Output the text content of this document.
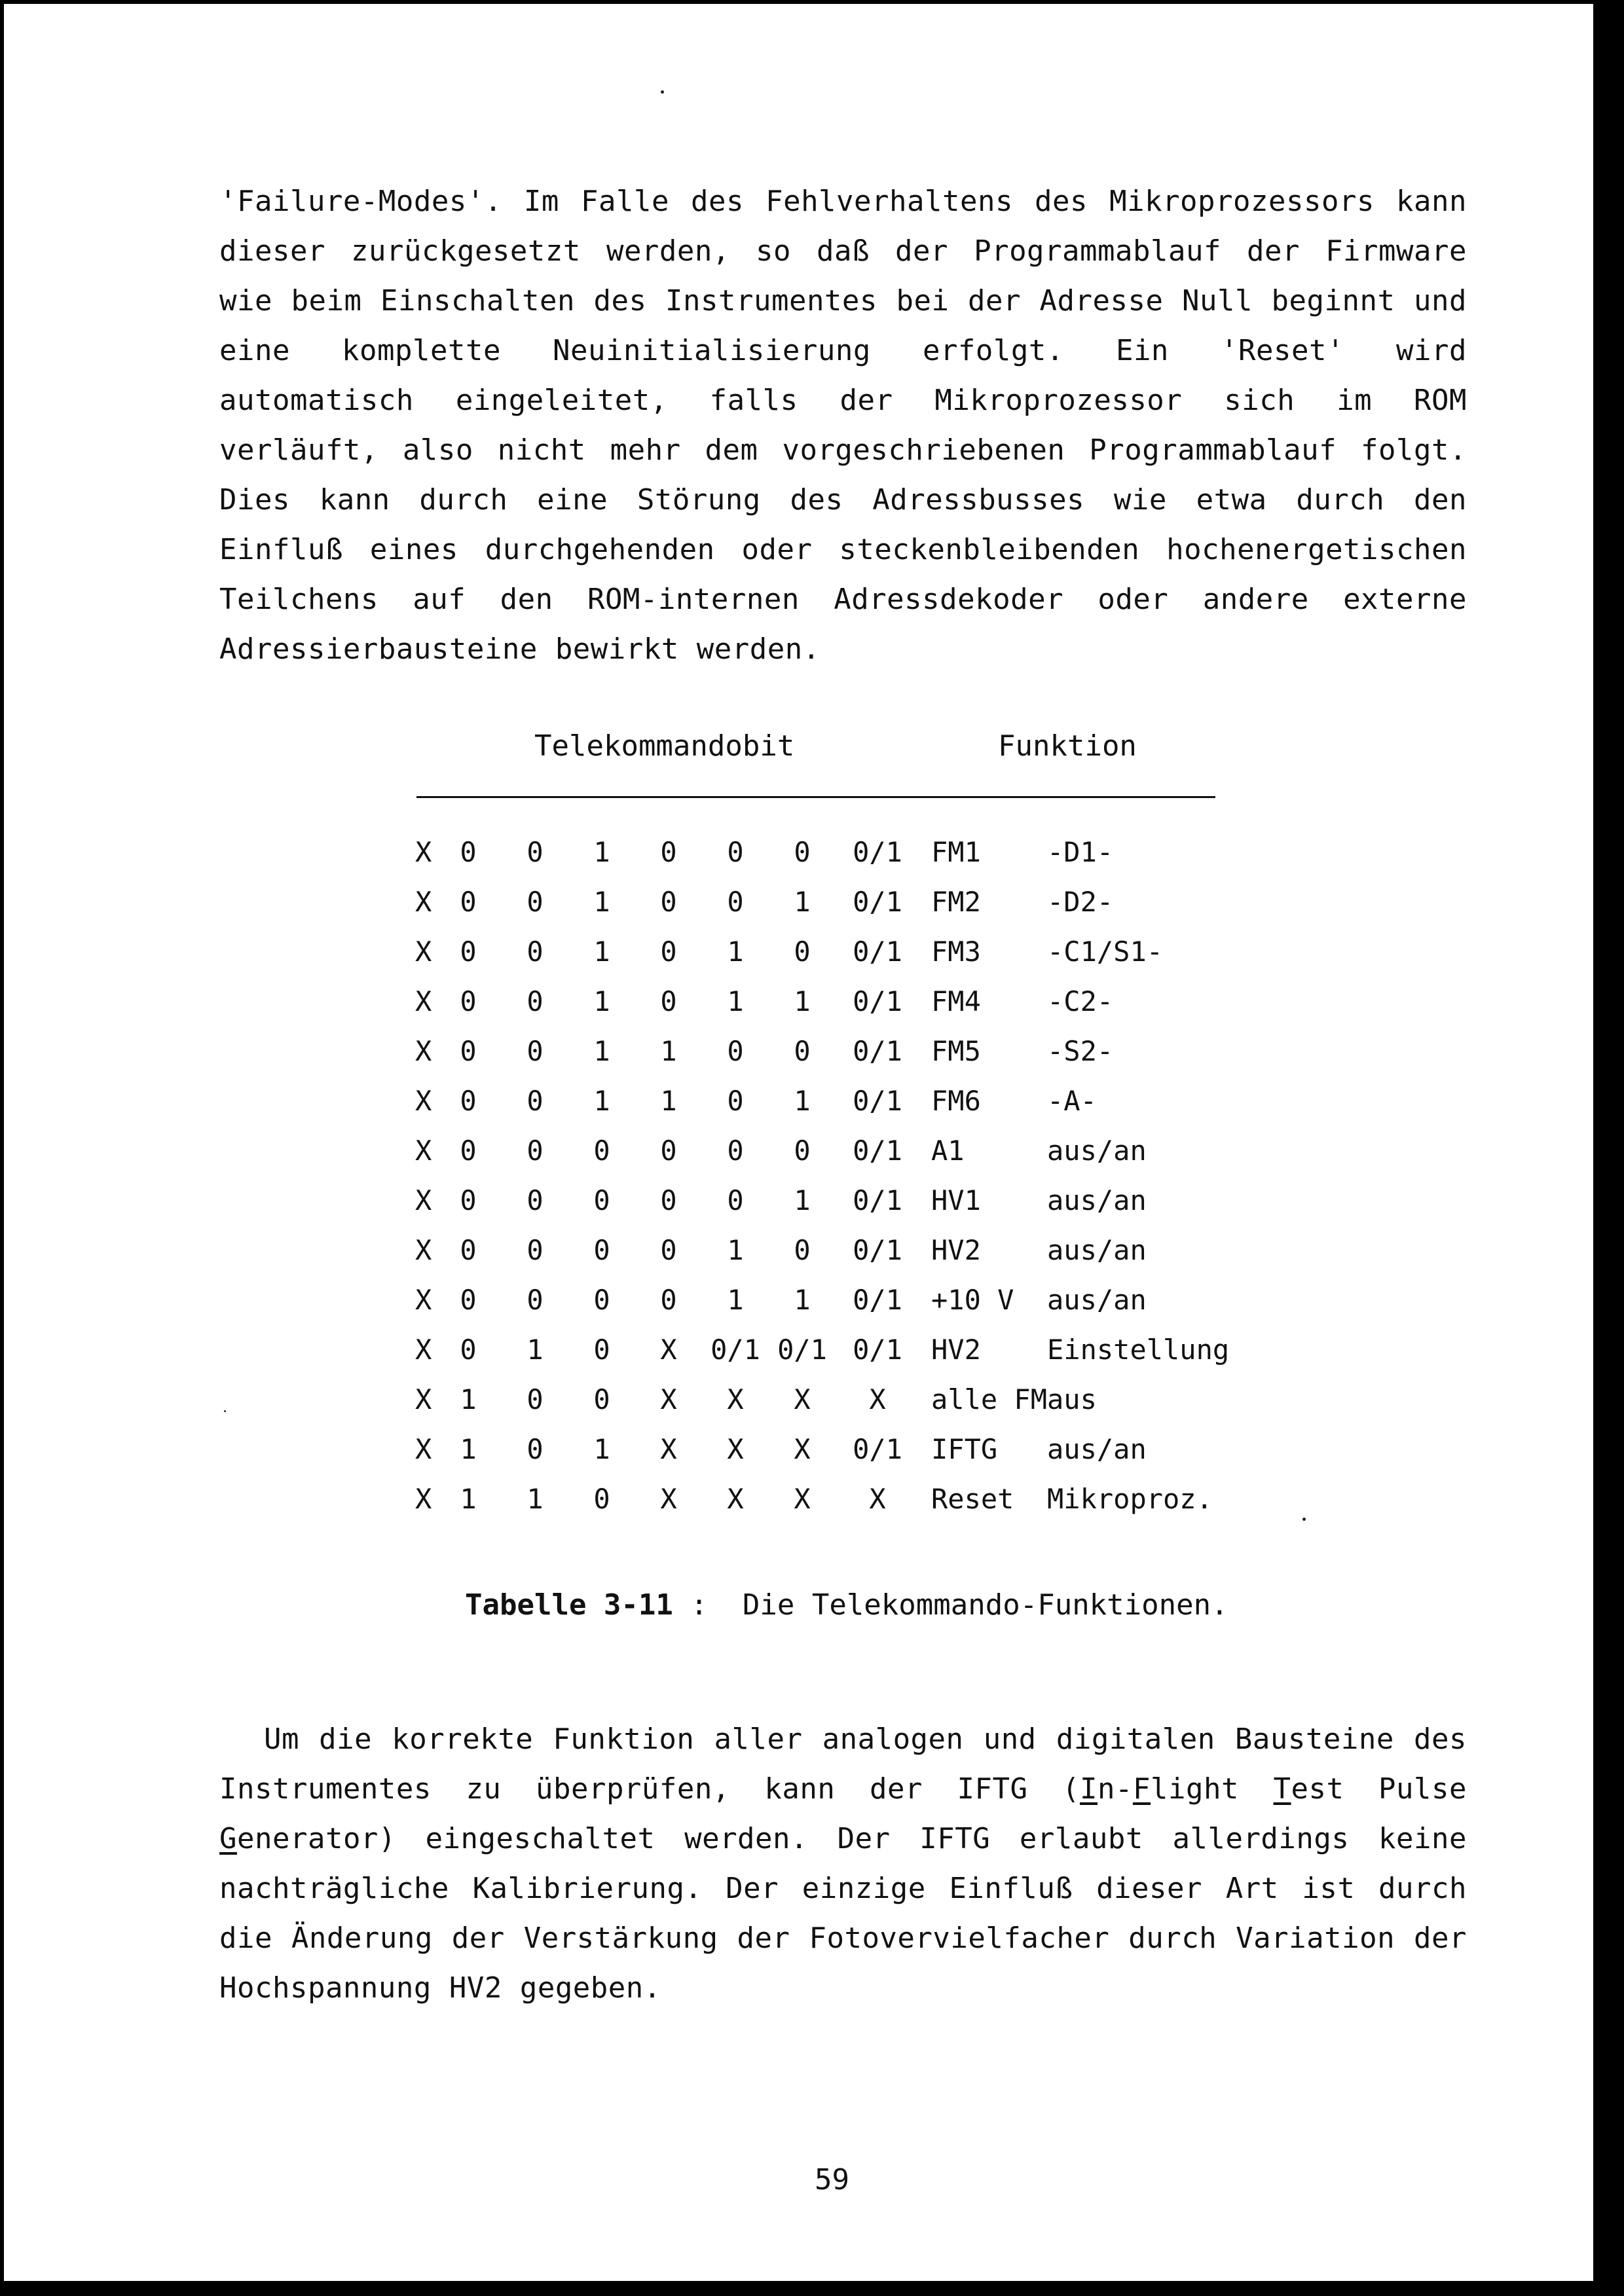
'Failure-Modes'. Im Falle des Fehlverhaltens des Mikroprozessors kann dieser zurückgesetzt werden, so daß der Programmablauf der Firmware wie beim Einschalten des Instrumentes bei der Adresse Null beginnt und eine komplette Neuinitialisierung erfolgt. Ein 'Reset' wird automatisch eingeleitet, falls der Mikroprozessor sich im ROM verläuft, also nicht mehr dem vorgeschriebenen Programmablauf folgt. Dies kann durch eine Störung des Adressbusses wie etwa durch den Einfluß eines durchgehenden oder steckenbleibenden hochenergetischen Teilchens auf den ROM-internen Adressdekoder oder andere externe Adressierbausteine bewirkt werden.

Telekommandobit	Funktion
X	0	0	1	0	0	0	0/1	FM1	-D1-
X	0	0	1	0	0	1	0/1	FM2	-D2-
X	0	0	1	0	1	0	0/1	FM3	-C1/S1-
X	0	0	1	0	1	1	0/1	FM4	-C2-
X	0	0	1	1	0	0	0/1	FM5	-S2-
X	0	0	1	1	0	1	0/1	FM6	-A-
X	0	0	0	0	0	0	0/1	A1	aus/an
X	0	0	0	0	0	1	0/1	HV1	aus/an
X	0	0	0	0	1	0	0/1	HV2	aus/an
X	0	0	0	0	1	1	0/1	+10 V	aus/an
X	0	1	0	X	0/1	0/1	0/1	HV2	Einstellung
X	1	0	0	X	X	X	X	alle FM	aus
X	1	0	1	X	X	X	0/1	IFTG	aus/an
X	1	1	0	X	X	X	X	Reset	Mikroproz.
Tabelle 3-11 : Die Telekommando-Funktionen.

Um die korrekte Funktion aller analogen und digitalen Bausteine des Instrumentes zu überprüfen, kann der IFTG (In-Flight Test Pulse Generator) eingeschaltet werden. Der IFTG erlaubt allerdings keine nachträgliche Kalibrierung. Der einzige Einfluß dieser Art ist durch die Änderung der Verstärkung der Fotovervielfacher durch Variation der Hochspannung HV2 gegeben.

59
